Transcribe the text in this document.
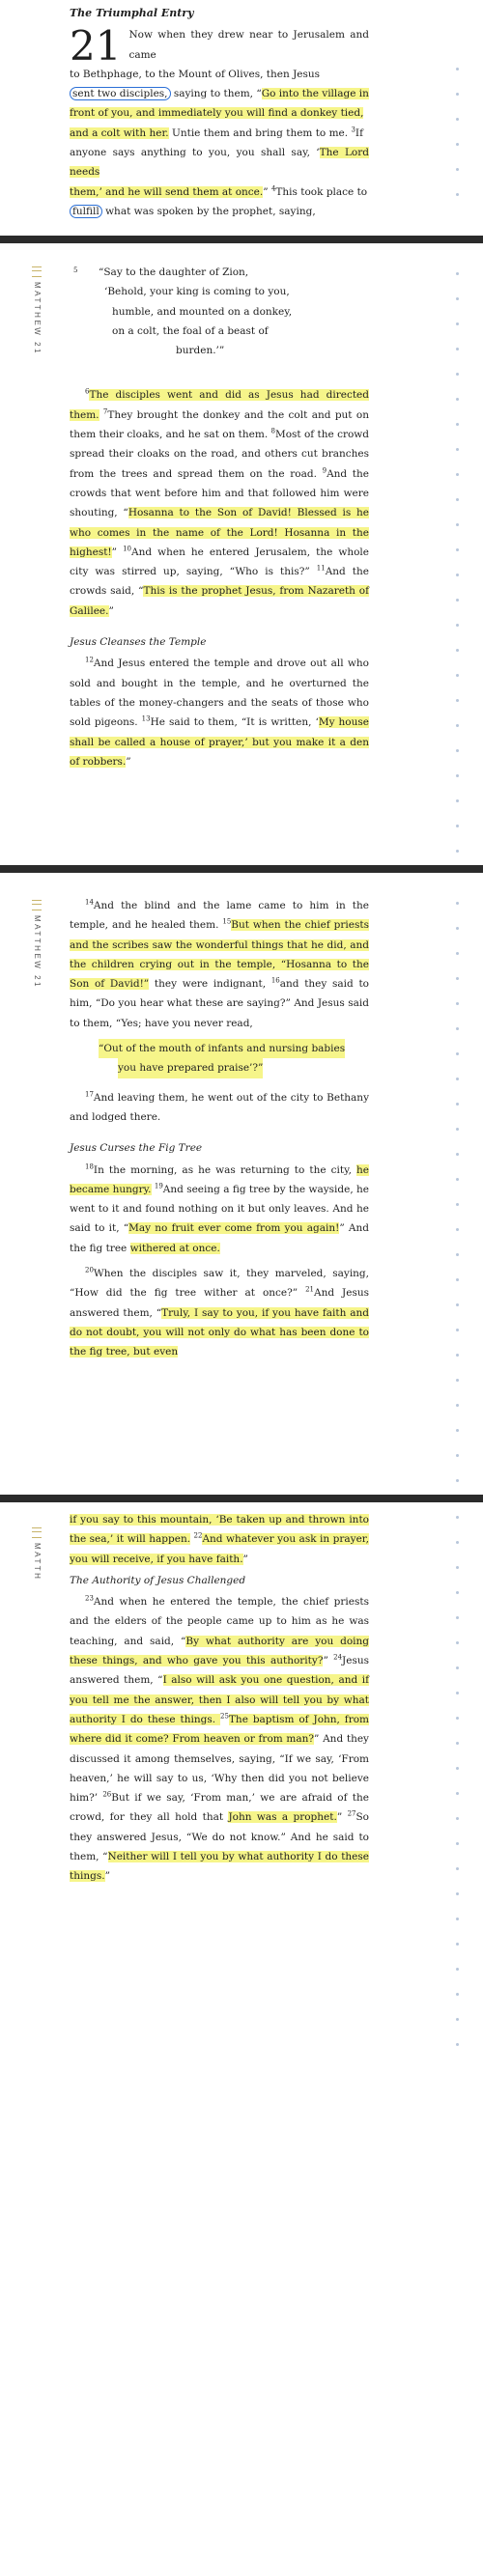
The Triumphal Entry

21 Now when they drew near to Jerusalem and came
to Bethphage, to the Mount of Olives, then Jesus
sent two disciples, saying to them, “Go into the village in
front of you, and immediately you will find a donkey tied,
and a colt with her. Untie them and bring them to me. $^3$If
anyone says anything to you, you shall say, ‘The Lord needs
them,’ and he will send them at once.” $^4$This took place to
fulfill what was spoken by the prophet, saying,

MATTHEW 21
5 “Say to the daughter of Zion,
‘Behold, your king is coming to you,
humble, and mounted on a donkey,
on a colt, the foal of a beast of
burden.’”

$^6$The disciples went and did as Jesus had directed them. $^7$They brought the donkey and the colt and put on them their cloaks, and he sat on them. $^8$Most of the crowd spread their cloaks on the road, and others cut branches from the trees and spread them on the road. $^9$And the crowds that went before him and that followed him were shouting, “Hosanna to the Son of David! Blessed is he who comes in the name of the Lord! Hosanna in the highest!” $^{10}$And when he entered Jerusalem, the whole city was stirred up, saying, “Who is this?” $^{11}$And the crowds said, “This is the prophet Jesus, from Nazareth of Galilee.”

Jesus Cleanses the Temple

$^{12}$And Jesus entered the temple and drove out all who sold and bought in the temple, and he overturned the tables of the money-changers and the seats of those who sold pigeons. $^{13}$He said to them, “It is written, ‘My house shall be called a house of prayer,’ but you make it a den of robbers.”

MATTHEW 21

$^{14}$And the blind and the lame came to him in the temple, and he healed them. $^{15}$But when the chief priests and the scribes saw the wonderful things that he did, and the children crying out in the temple, “Hosanna to the Son of David!” they were indignant, $^{16}$and they said to him, “Do you hear what these are saying?” And Jesus said to them, “Yes; have you never read,

“Out of the mouth of infants and nursing babies
you have prepared praise’?”

$^{17}$And leaving them, he went out of the city to Bethany and lodged there.

Jesus Curses the Fig Tree

$^{18}$In the morning, as he was returning to the city, he became hungry. $^{19}$And seeing a fig tree by the wayside, he went to it and found nothing on it but only leaves. And he said to it, “May no fruit ever come from you again!” And the fig tree withered at once.

$^{20}$When the disciples saw it, they marveled, saying, “How did the fig tree wither at once?” $^{21}$And Jesus answered them, “Truly, I say to you, if you have faith and do not doubt, you will not only do what has been done to the fig tree, but even

MATTH

if you say to this mountain, ‘Be taken up and thrown into the sea,’ it will happen. $^{22}$And whatever you ask in prayer, you will receive, if you have faith.”

The Authority of Jesus Challenged

$^{23}$And when he entered the temple, the chief priests and the elders of the people came up to him as he was teaching, and said, “By what authority are you doing these things, and who gave you this authority?” $^{24}$Jesus answered them, “I also will ask you one question, and if you tell me the answer, then I also will tell you by what authority I do these things. $^{25}$The baptism of John, from where did it come? From heaven or from man?” And they discussed it among themselves, saying, “If we say, ‘From heaven,’ he will say to us, ‘Why then did you not believe him?’ $^{26}$But if we say, ‘From man,’ we are afraid of the crowd, for they all hold that John was a prophet.” $^{27}$So they answered Jesus, “We do not know.” And he said to them, “Neither will I tell you by what authority I do these things.”
